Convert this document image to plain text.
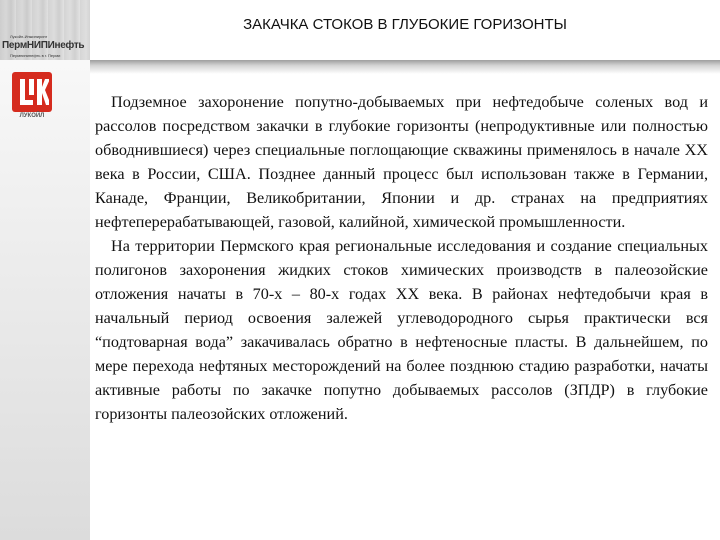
Лукойл-Инжиниринг
ПермНИПИнефть
Пермнипинефть в г. Перми
ЛУКОЙЛ
ЗАКАЧКА СТОКОВ В ГЛУБОКИЕ ГОРИЗОНТЫ

Подземное захоронение попутно-добываемых при нефтедобыче соленых вод и рассолов посредством закачки в глубокие горизонты (непродуктивные или полностью обводнившиеся) через специальные поглощающие скважины применялось в начале ХХ века в России, США. Позднее данный процесс был использован также в Германии, Канаде, Франции, Великобритании, Японии и др. странах на предприятиях нефтеперерабатывающей, газовой, калийной, химической промышленности.

На территории Пермского края региональные исследования и создание специальных полигонов захоронения жидких стоков химических производств в палеозойские отложения начаты в 70-х – 80-х годах ХХ века. В районах нефтедобычи края в начальный период освоения залежей углеводородного сырья практически вся “подтоварная вода” закачивалась обратно в нефтеносные пласты. В дальнейшем, по мере перехода нефтяных месторождений на более позднюю стадию разработки, начаты активные работы по закачке попутно добываемых рассолов (ЗПДР) в глубокие горизонты палеозойских отложений.
